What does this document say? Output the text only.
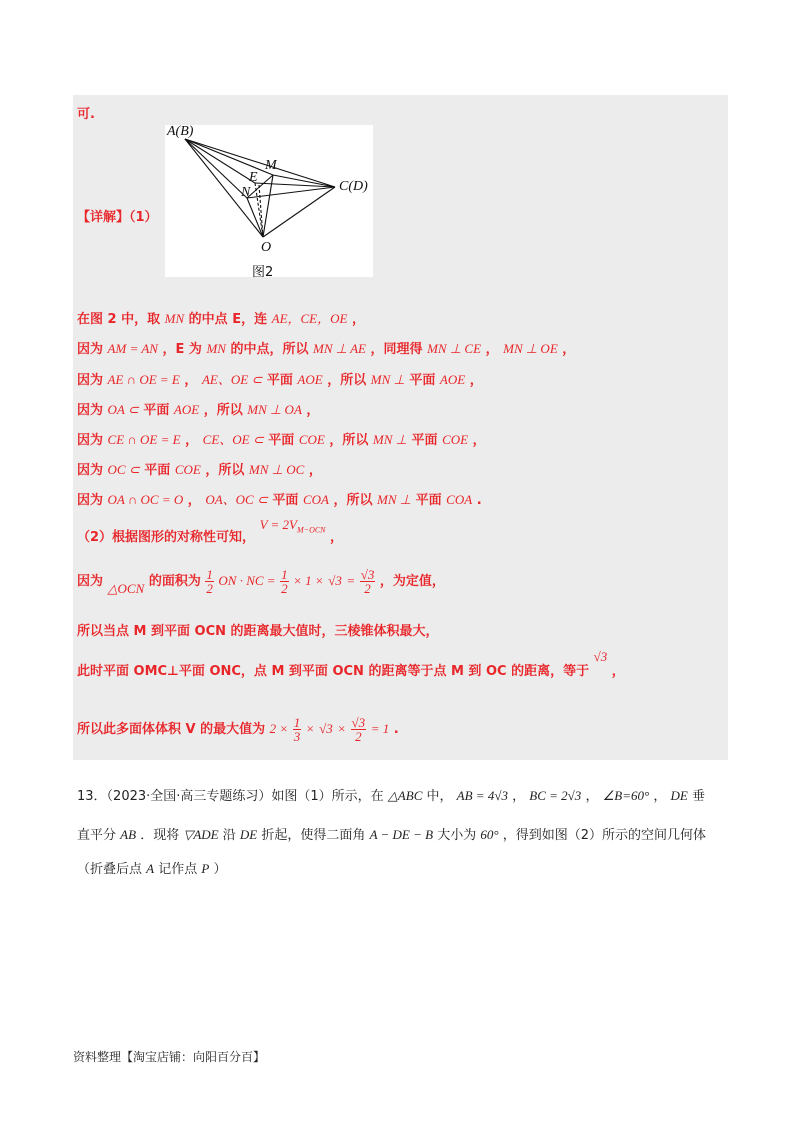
可.
A(B)
M
E
N	C(D)
O
图2
【详解】（1）
在图 2 中，取 MN 的中点 E，连 AE，CE，OE ，
因为 AM = AN ，E 为 MN 的中点，所以 MN ⊥ AE ，同理得 MN ⊥ CE ， MN ⊥ OE ，
因为 AE ∩ OE = E ， AE、OE ⊂ 平面 AOE ，所以 MN ⊥ 平面 AOE ，
因为 OA ⊂ 平面 AOE ，所以 MN ⊥ OA ，
因为 CE ∩ OE = E ， CE、OE ⊂ 平面 COE ，所以 MN ⊥ 平面 COE ，
因为 OC ⊂ 平面 COE ，所以 MN ⊥ OC ，
因为 OA ∩ OC = O ， OA、OC ⊂ 平面 COA ，所以 MN ⊥ 平面 COA .
（2）根据图形的对称性可知， $V = 2V_{M-OCN}$ ，
因为 △OCN 的面积为 $\frac{1}{2}$ ON · NC = $\frac{1}{2} \times 1 \times √3 = \frac{√3}{2}$ ，为定值，
所以当点 M 到平面 OCN 的距离最大值时，三棱锥体积最大，
此时平面 OMC⊥平面 ONC，点 M 到平面 OCN 的距离等于点 M 到 OC 的距离，等于 √3 ，
所以此多面体体积 V 的最大值为 $2 \times \frac{1}{3} \times √3 \times \frac{√3}{2} = 1$ .
13．（2023·全国·高三专题练习）如图（1）所示，在 △ABC 中， AB = 4√3 ， BC = 2√3 ， ∠B=60° ， DE 垂
直平分 AB ．现将 ▽ADE 沿 DE 折起，使得二面角 A − DE − B 大小为 60° ，得到如图（2）所示的空间几何体
（折叠后点 A 记作点 P ）
资料整理【淘宝店铺：向阳百分百】
